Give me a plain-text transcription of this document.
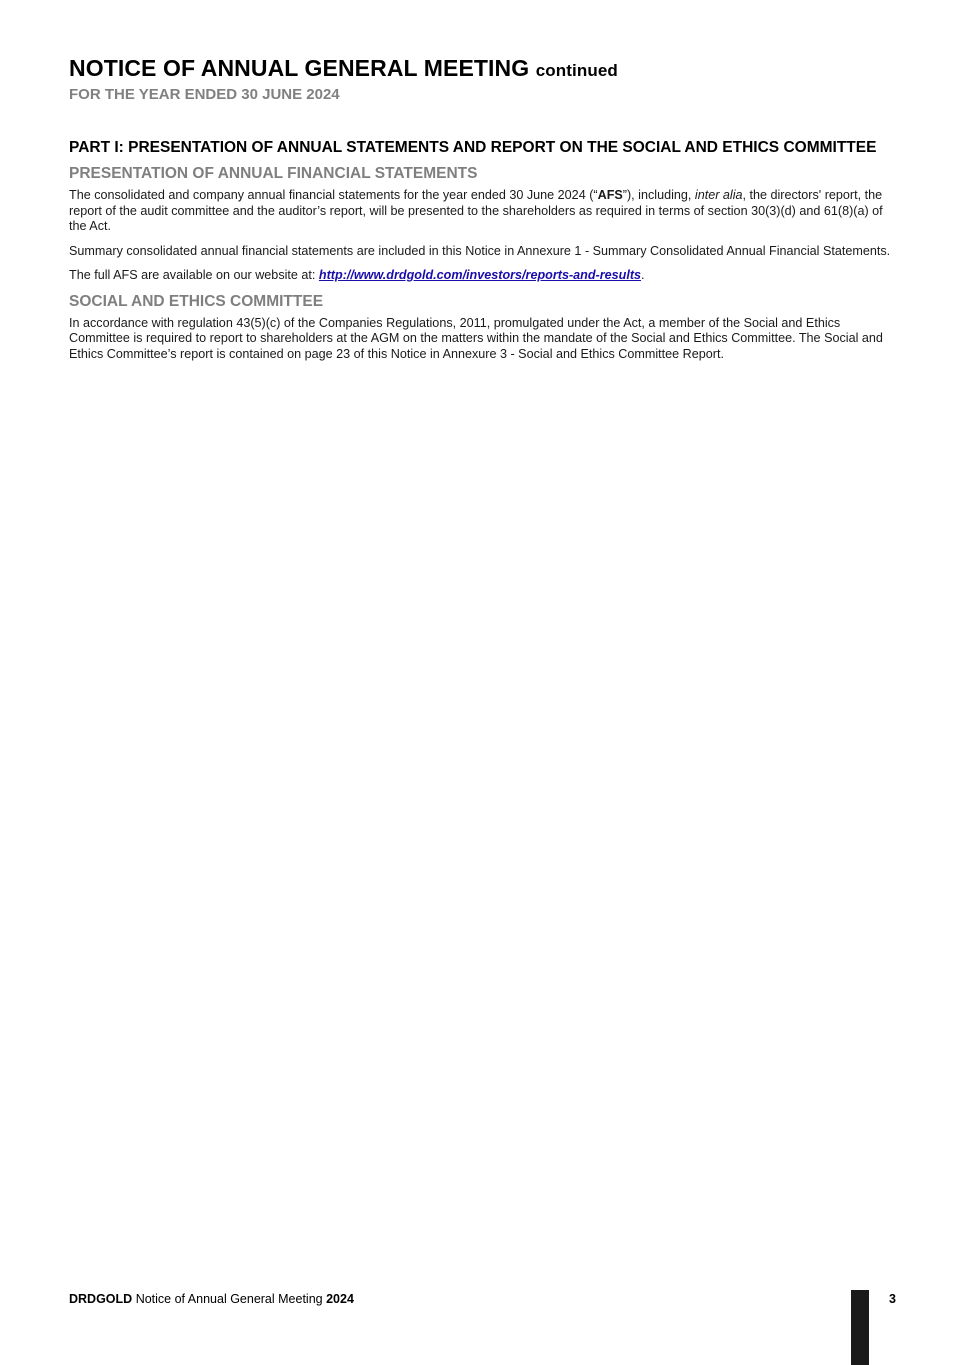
NOTICE OF ANNUAL GENERAL MEETING continued
FOR THE YEAR ENDED 30 JUNE 2024
PART I: PRESENTATION OF ANNUAL STATEMENTS AND REPORT ON THE SOCIAL AND ETHICS COMMITTEE
PRESENTATION OF ANNUAL FINANCIAL STATEMENTS

The consolidated and company annual financial statements for the year ended 30 June 2024 (“AFS”), including, inter alia, the directors' report, the report of the audit committee and the auditor’s report, will be presented to the shareholders as required in terms of section 30(3)(d) and 61(8)(a) of the Act.

Summary consolidated annual financial statements are included in this Notice in Annexure 1 - Summary Consolidated Annual Financial Statements.

The full AFS are available on our website at: http://www.drdgold.com/investors/reports-and-results.

SOCIAL AND ETHICS COMMITTEE

In accordance with regulation 43(5)(c) of the Companies Regulations, 2011, promulgated under the Act, a member of the Social and Ethics Committee is required to report to shareholders at the AGM on the matters within the mandate of the Social and Ethics Committee. The Social and Ethics Committee’s report is contained on page 23 of this Notice in Annexure 3 - Social and Ethics Committee Report.

DRDGOLD Notice of Annual General Meeting 2024	3
